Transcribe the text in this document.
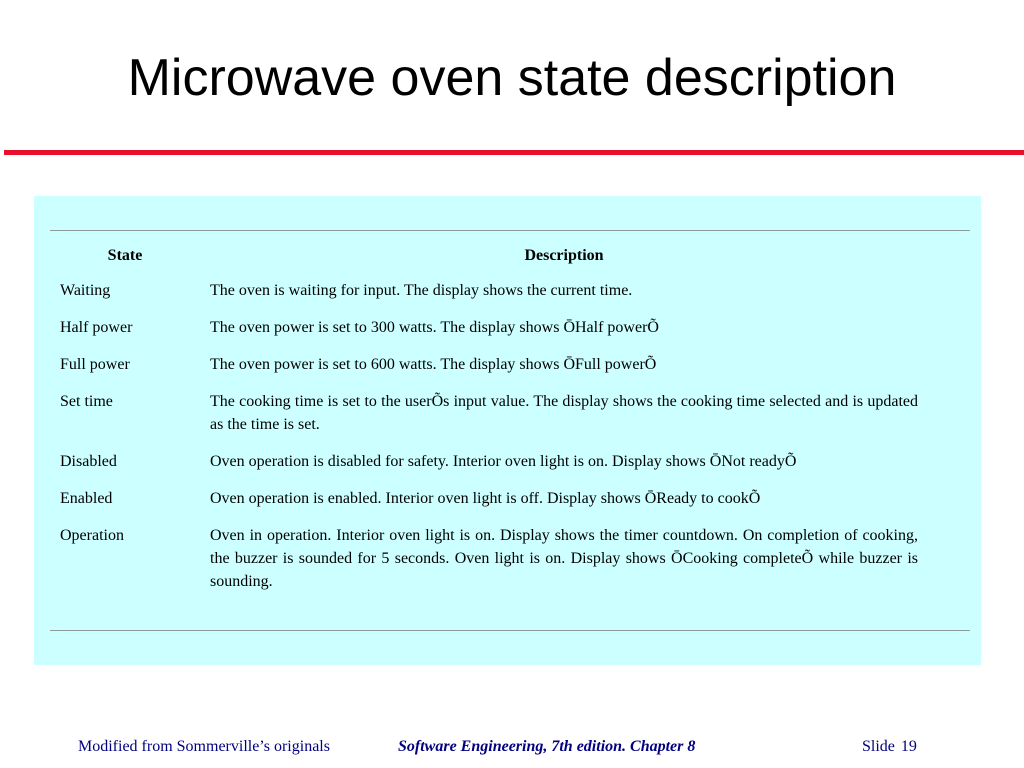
Microwave oven state description
State	Description
Waiting	The oven is waiting for input. The display shows the current time.
Half power	The oven power is set to 300 watts. The display shows ŌHalf powerÕ
Full power	The oven power is set to 600 watts. The display shows ŌFull powerÕ
Set time	The cooking time is set to the userÕs input value. The display shows the cooking time selected and is updated as the time is set.
Disabled	Oven operation is disabled for safety. Interior oven light is on. Display shows ŌNot readyÕ
Enabled	Oven operation is enabled. Interior oven light is off. Display shows ŌReady to cookÕ
Operation	Oven in operation. Interior oven light is on. Display shows the timer countdown. On completion of cooking, the buzzer is sounded for 5 seconds. Oven light is on. Display shows ŌCooking completeÕ while buzzer is sounding.
Modified from Sommerville’s originals	Software Engineering, 7th edition. Chapter 8	Slide 19
